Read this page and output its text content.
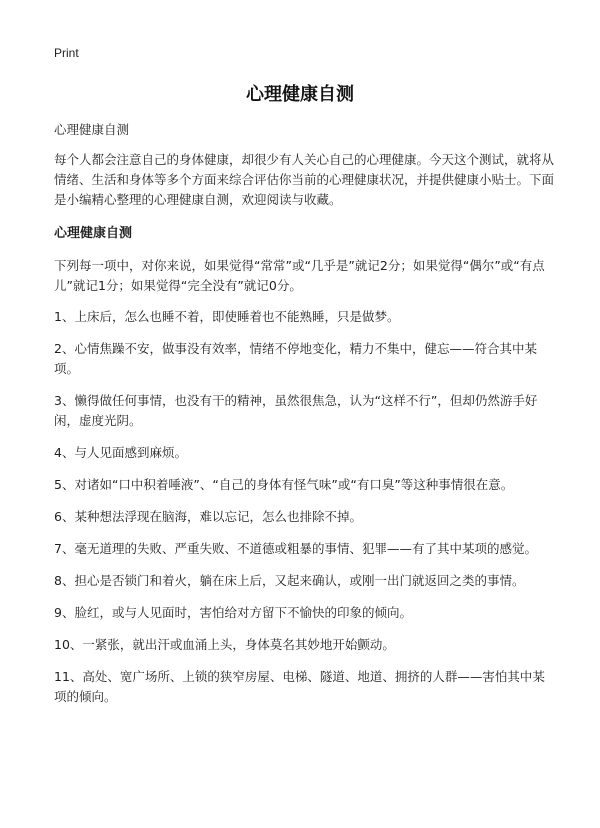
Print
心理健康自测

心理健康自测

每个人都会注意自己的身体健康，却很少有人关心自己的心理健康。今天这个测试，就将从情绪、生活和身体等多个方面来综合评估你当前的心理健康状况，并提供健康小贴士。下面是小编精心整理的心理健康自测，欢迎阅读与收藏。

心理健康自测

下列每一项中，对你来说，如果觉得“常常”或“几乎是”就记2分；如果觉得“偶尔”或“有点儿”就记1分；如果觉得“完全没有”就记0分。

1、上床后，怎么也睡不着，即使睡着也不能熟睡，只是做梦。
2、心情焦躁不安，做事没有效率，情绪不停地变化，精力不集中，健忘——符合其中某项。
3、懒得做任何事情，也没有干的精神，虽然很焦急，认为“这样不行”，但却仍然游手好闲，虚度光阴。
4、与人见面感到麻烦。
5、对诸如“口中积着唾液”、“自己的身体有怪气味”或“有口臭”等这种事情很在意。
6、某种想法浮现在脑海，难以忘记，怎么也排除不掉。
7、毫无道理的失败、严重失败、不道德或粗暴的事情、犯罪——有了其中某项的感觉。
8、担心是否锁门和着火，躺在床上后，又起来确认，或刚一出门就返回之类的事情。
9、脸红，或与人见面时，害怕给对方留下不愉快的印象的倾向。
10、一紧张，就出汗或血涌上头，身体莫名其妙地开始颤动。
11、高处、宽广场所、上锁的狭窄房屋、电梯、隧道、地道、拥挤的人群——害怕其中某项的倾向。
